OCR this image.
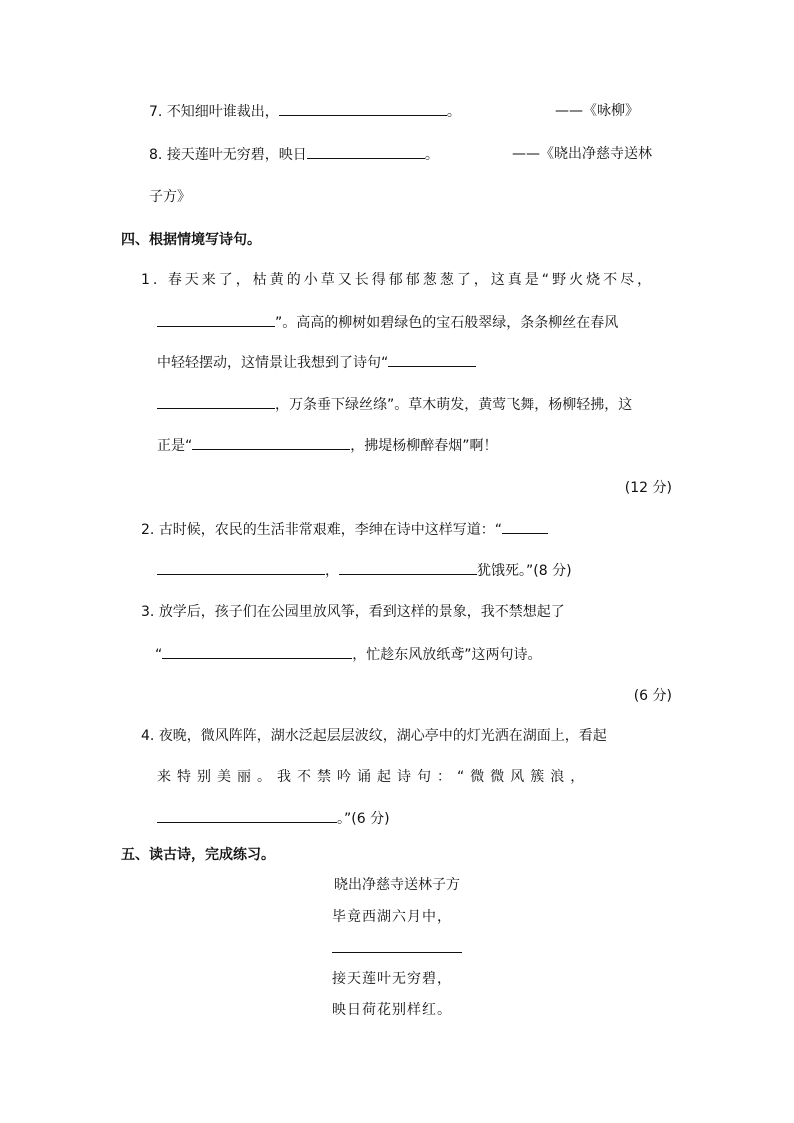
7. 不知细叶谁裁出，	。	——《咏柳》
8. 接天莲叶无穷碧，映日	。	——《晓出净慈寺送林
子方》
四、根据情境写诗句。
1. 春天来了，枯黄的小草又长得郁郁葱葱了，这真是“野火烧不尽，
”。高高的柳树如碧绿色的宝石般翠绿，条条柳丝在春风
中轻轻摆动，这情景让我想到了诗句“
，万条垂下绿丝绦”。草木萌发，黄莺飞舞，杨柳轻拂，这
正是“	，拂堤杨柳醉春烟”啊！
(12 分)
2. 古时候，农民的生活非常艰难，李绅在诗中这样写道：“
，	犹饿死。”(8 分)
3. 放学后，孩子们在公园里放风筝，看到这样的景象，我不禁想起了
“	，忙趁东风放纸鸢”这两句诗。
(6 分)
4. 夜晚，微风阵阵，湖水泛起层层波纹，湖心亭中的灯光洒在湖面上，看起
来特别美丽。我不禁吟诵起诗句：“微微风簇浪，
。”(6 分)
五、读古诗，完成练习。
晓出净慈寺送林子方
毕竟西湖六月中，
接天莲叶无穷碧，
映日荷花别样红。
